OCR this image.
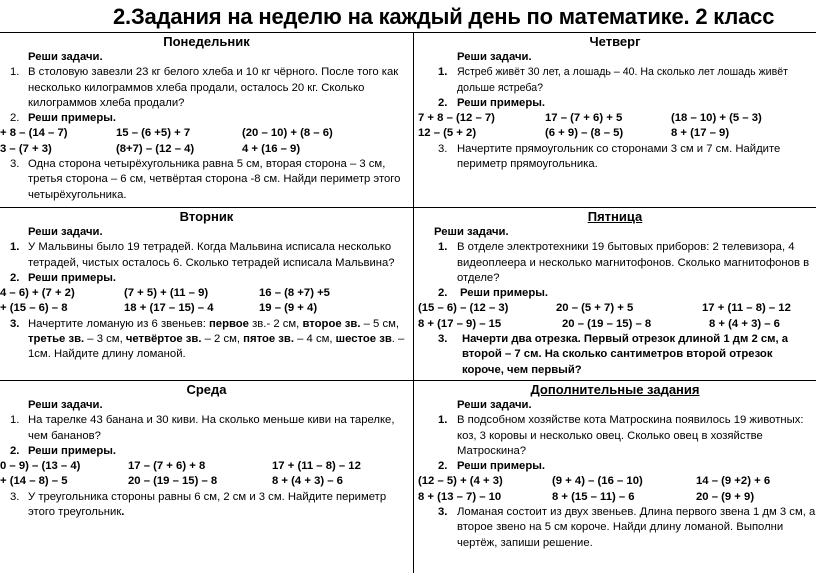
2.Задания на неделю на каждый день по математике. 2 класс
Понедельник
Реши задачи.
1. В столовую завезли 23 кг белого хлеба и 10 кг чёрного. После того как несколько килограммов хлеба продали, осталось 20 кг. Сколько килограммов хлеба продали?
2. Реши примеры.
+ 8 – (14 – 7)	15 – (6 +5) + 7	(20 – 10) + (8 – 6)
3 – (7 + 3)	(8+7) – (12 – 4)	4 + (16 – 9)
3. Одна сторона четырёхугольника равна 5 см, вторая сторона – 3 см, третья сторона – 6 см, четвёртая сторона -8 см. Найди периметр этого четырёхугольника.
Четверг
Реши задачи.
1. Ястреб живёт 30 лет, а лошадь – 40. На сколько лет лошадь живёт дольше ястреба?
2. Реши примеры.
7 + 8 – (12 – 7)	17 – (7 + 6) + 5	(18 – 10) + (5 – 3)
12 – (5 + 2)	(6 + 9) – (8 – 5)	8 + (17 – 9)
3. Начертите прямоугольник со сторонами 3 см и 7 см. Найдите периметр прямоугольника.
Вторник
Реши задачи.
1. У Мальвины было 19 тетрадей. Когда Мальвина исписала несколько тетрадей, чистых осталось 6. Сколько тетрадей исписала Мальвина?
2. Реши примеры.
4 – 6) + (7 + 2)	(7 + 5) + (11 – 9)	16 – (8 +7) +5
+ (15 – 6) – 8	18 + (17 – 15) – 4	19 – (9 + 4)
3. Начертите ломаную из 6 звеньев: первое зв.- 2 см, второе зв. – 5 см, третье зв. – 3 см, четвёртое зв. – 2 см, пятое зв. – 4 см, шестое зв. – 1см. Найдите длину ломаной.
Пятница
Реши задачи.
1. В отделе электротехники 19 бытовых приборов: 2 телевизора, 4 видеоплеера и несколько магнитофонов. Сколько магнитофонов в отделе?
2. Реши примеры.
(15 – 6) – (12 – 3)	20 – (5 + 7) + 5	17 + (11 – 8) – 12
8 + (17 – 9) – 15	20 – (19 – 15) – 8	8 + (4 + 3) – 6
3. Начерти два отрезка. Первый отрезок длиной 1 дм 2 см, а второй – 7 см. На сколько сантиметров второй отрезок короче, чем первый?
Среда
Реши задачи.
1. На тарелке 43 банана и 30 киви. На сколько меньше киви на тарелке, чем бананов?
2. Реши примеры.
0 – 9) – (13 – 4)	17 – (7 + 6) + 8	17 + (11 – 8) – 12
+ (14 – 8) – 5	20 – (19 – 15) – 8	8 + (4 + 3) – 6
3. У треугольника стороны равны 6 см, 2 см и 3 см. Найдите периметр этого треугольник.
Дополнительные задания
Реши задачи.
1. В подсобном хозяйстве кота Матроскина появилось 19 животных: коз, 3 коровы и несколько овец. Сколько овец в хозяйстве Матроскина?
2. Реши примеры.
(12 – 5) + (4 + 3)	(9 + 4) – (16 – 10)	14 – (9 +2) + 6
8 + (13 – 7) – 10	8 + (15 – 11) – 6	20 – (9 + 9)
3. Ломаная состоит из двух звеньев. Длина первого звена 1 дм 3 см, а второе звено на 5 см короче. Найди длину ломаной. Выполни чертёж, запиши решение.
